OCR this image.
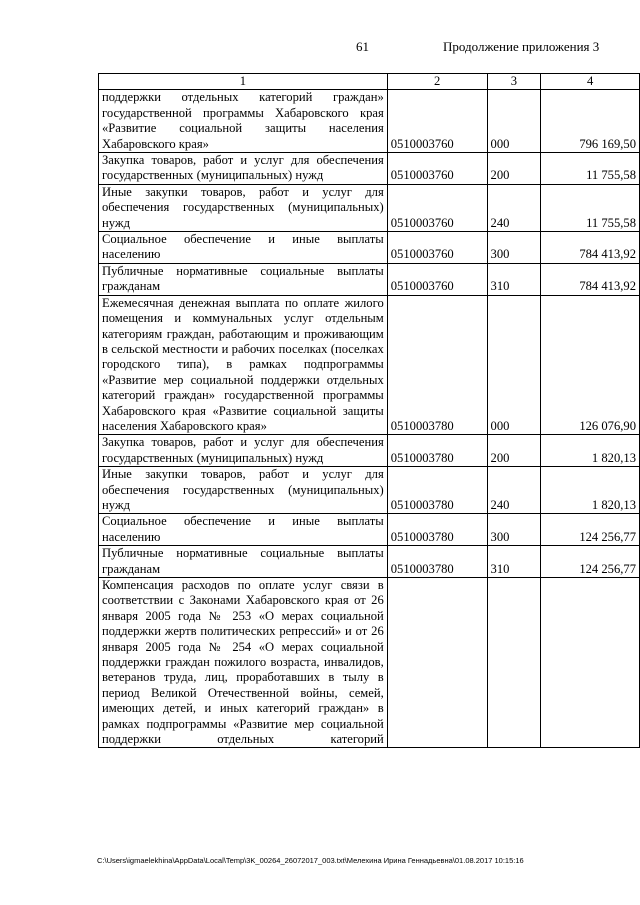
61	Продолжение приложения 3
1	2	3	4
поддержки отдельных категорий граждан» государственной программы Хабаровского края «Развитие социальной защиты населения Хабаровского края»	0510003760	000	796 169,50
Закупка товаров, работ и услуг для обеспечения государственных (муниципальных) нужд	0510003760	200	11 755,58
Иные закупки товаров, работ и услуг для обеспечения государственных (муниципальных) нужд	0510003760	240	11 755,58
Социальное обеспечение и иные выплаты населению	0510003760	300	784 413,92
Публичные нормативные социальные выплаты гражданам	0510003760	310	784 413,92
Ежемесячная денежная выплата по оплате жилого помещения и коммунальных услуг отдельным категориям граждан, работающим и проживающим в сельской местности и рабочих поселках (поселках городского типа), в рамках подпрограммы «Развитие мер социальной поддержки отдельных категорий граждан» государственной программы Хабаровского края «Развитие социальной защиты населения Хабаровского края»	0510003780	000	126 076,90
Закупка товаров, работ и услуг для обеспечения государственных (муниципальных) нужд	0510003780	200	1 820,13
Иные закупки товаров, работ и услуг для обеспечения государственных (муниципальных) нужд	0510003780	240	1 820,13
Социальное обеспечение и иные выплаты населению	0510003780	300	124 256,77
Публичные нормативные социальные выплаты гражданам	0510003780	310	124 256,77
Компенсация расходов по оплате услуг связи в соответствии с Законами Хабаровского края от 26 января 2005 года № 253 «О мерах социальной поддержки жертв политических репрессий» и от 26 января 2005 года № 254 «О мерах социальной поддержки граждан пожилого возраста, инвалидов, ветеранов труда, лиц, проработавших в тылу в период Великой Отечественной войны, семей, имеющих детей, и иных категорий граждан» в рамках подпрограммы «Развитие мер социальной поддержки отдельных категорий			
C:\Users\igmaelekhina\AppData\Local\Temp\3K_00264_26072017_003.txt\Мелехина Ирина Геннадьевна\01.08.2017 10:15:16
